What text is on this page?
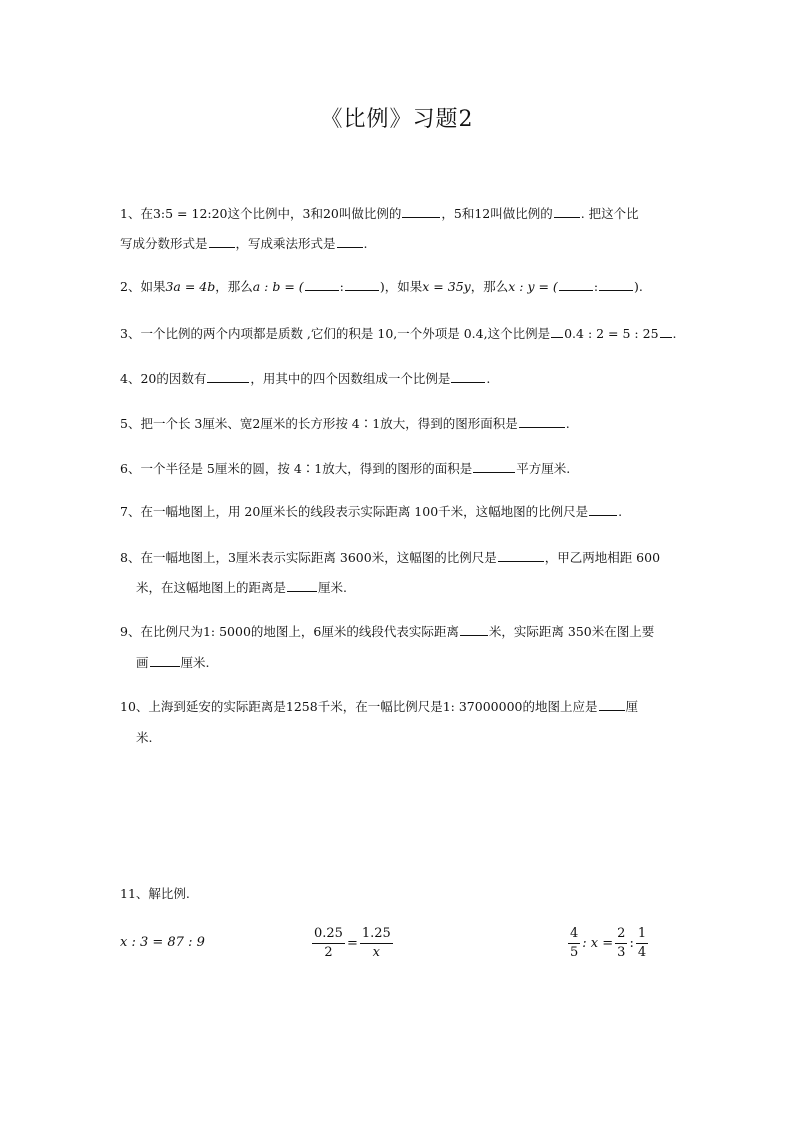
《比例》习题2
1、在3:5 = 12:20这个比例中，3和20叫做比例的	，5和12叫做比例的 . 把这个比
写成分数形式是 ，写成乘法形式是 .
2、如果3a = 4b，那么a : b = (	:	)，如果x = 35y，那么x : y = (	:	).
3、一个比例的两个内项都是质数 ,它们的积是 10,一个外项是 0.4,这个比例是 0.4 : 2 = 5 : 25 .
4、20的因数有	，用其中的四个因数组成一个比例是	.
5、把一个长 3厘米、宽2厘米的长方形按 4∶1放大，得到的图形面积是	.
6、一个半径是 5厘米的圆，按 4∶1放大，得到的图形的面积是	平方厘米.
7、在一幅地图上，用 20厘米长的线段表示实际距离 100千米，这幅地图的比例尺是 .
8、在一幅地图上，3厘米表示实际距离 3600米，这幅图的比例尺是	，甲乙两地相距 600
米，在这幅地图上的距离是	厘米.
9、在比例尺为1: 5000的地图上，6厘米的线段代表实际距离 米，实际距离 350米在图上要
画	厘米.
10、上海到延安的实际距离是1258千米，在一幅比例尺是1: 37000000的地图上应是 厘
米.
11、解比例.
x : 3 = 87 : 9	$\frac{0.25}{2} = \frac{1.25}{x}$	$\frac{4}{5}$ : $x = \frac{2}{3}$ : $\frac{1}{4}$
